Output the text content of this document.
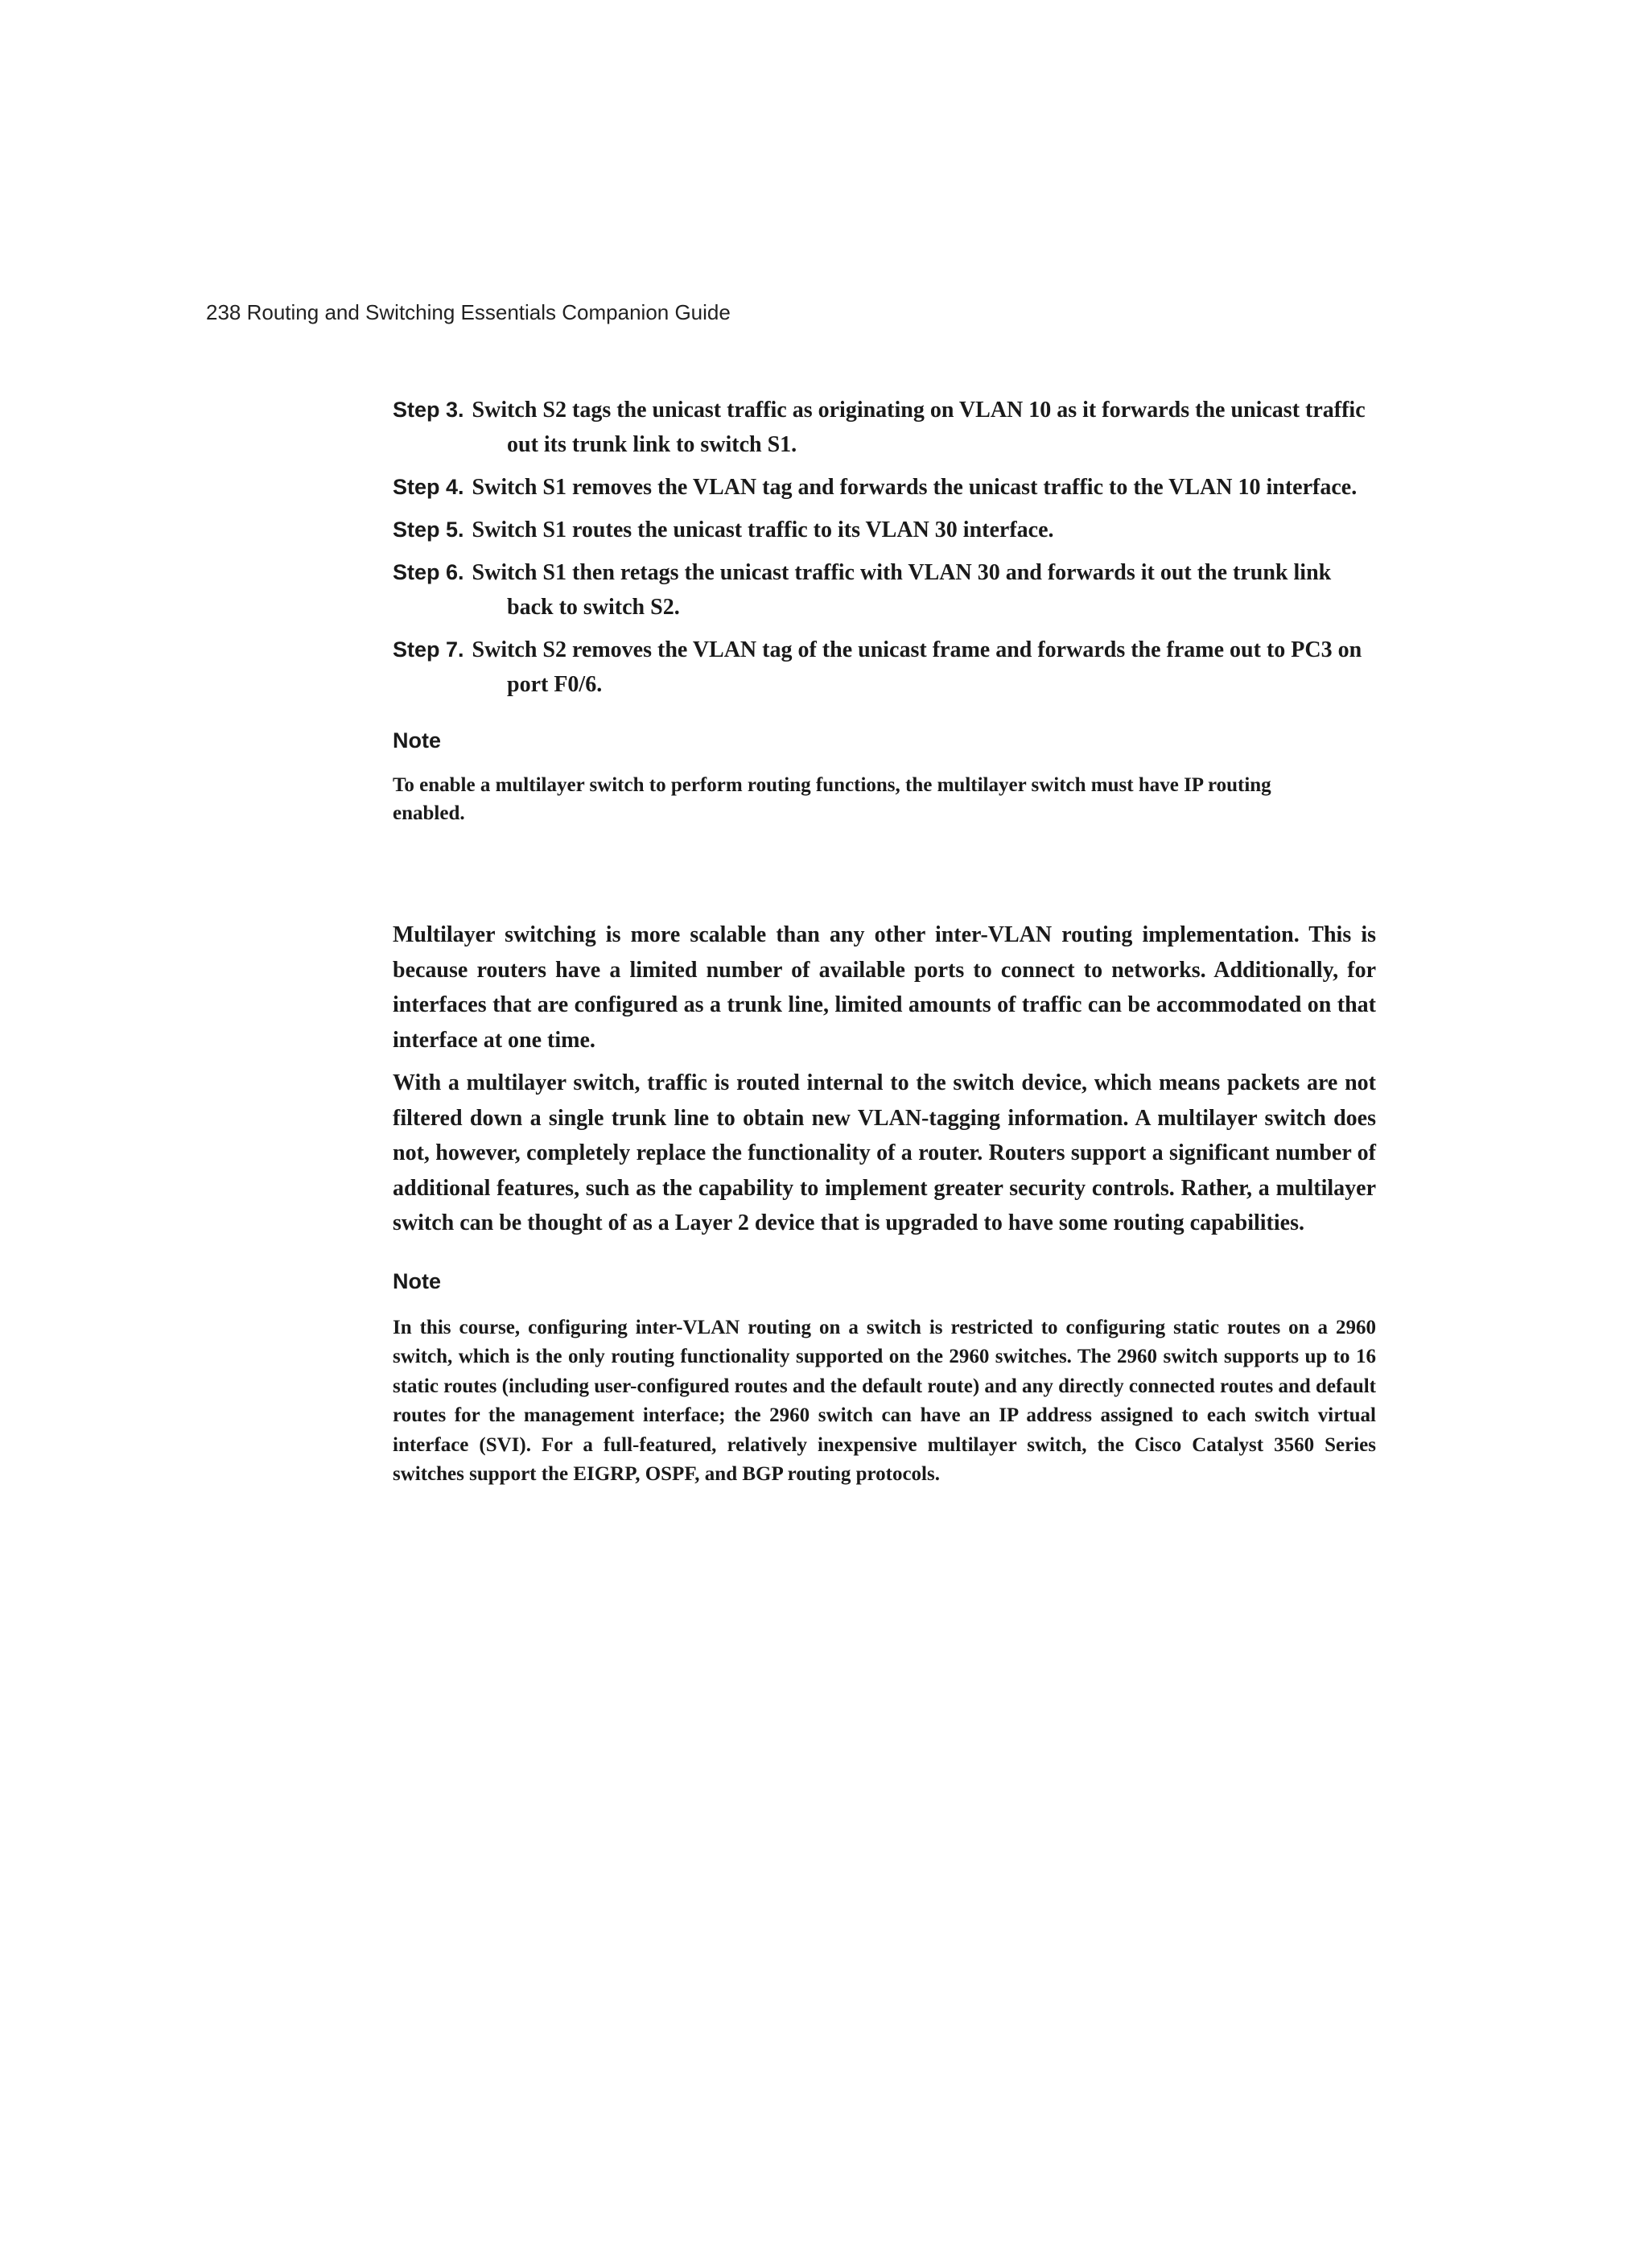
238 Routing and Switching Essentials Companion Guide
Step 3. Switch S2 tags the unicast traffic as originating on VLAN 10 as it forwards the unicast traffic out its trunk link to switch S1.
Step 4. Switch S1 removes the VLAN tag and forwards the unicast traffic to the VLAN 10 interface.
Step 5. Switch S1 routes the unicast traffic to its VLAN 30 interface.
Step 6. Switch S1 then retags the unicast traffic with VLAN 30 and forwards it out the trunk link back to switch S2.
Step 7. Switch S2 removes the VLAN tag of the unicast frame and forwards the frame out to PC3 on port F0/6.
Note
To enable a multilayer switch to perform routing functions, the multilayer switch must have IP routing enabled.

Multilayer switching is more scalable than any other inter-VLAN routing implementation. This is because routers have a limited number of available ports to connect to networks. Additionally, for interfaces that are configured as a trunk line, limited amounts of traffic can be accommodated on that interface at one time.

With a multilayer switch, traffic is routed internal to the switch device, which means packets are not filtered down a single trunk line to obtain new VLAN-tagging information. A multilayer switch does not, however, completely replace the functionality of a router. Routers support a significant number of additional features, such as the capability to implement greater security controls. Rather, a multilayer switch can be thought of as a Layer 2 device that is upgraded to have some routing capabilities.

Note
In this course, configuring inter-VLAN routing on a switch is restricted to configuring static routes on a 2960 switch, which is the only routing functionality supported on the 2960 switches. The 2960 switch supports up to 16 static routes (including user-configured routes and the default route) and any directly connected routes and default routes for the management interface; the 2960 switch can have an IP address assigned to each switch virtual interface (SVI). For a full-featured, relatively inexpensive multilayer switch, the Cisco Catalyst 3560 Series switches support the EIGRP, OSPF, and BGP routing protocols.
